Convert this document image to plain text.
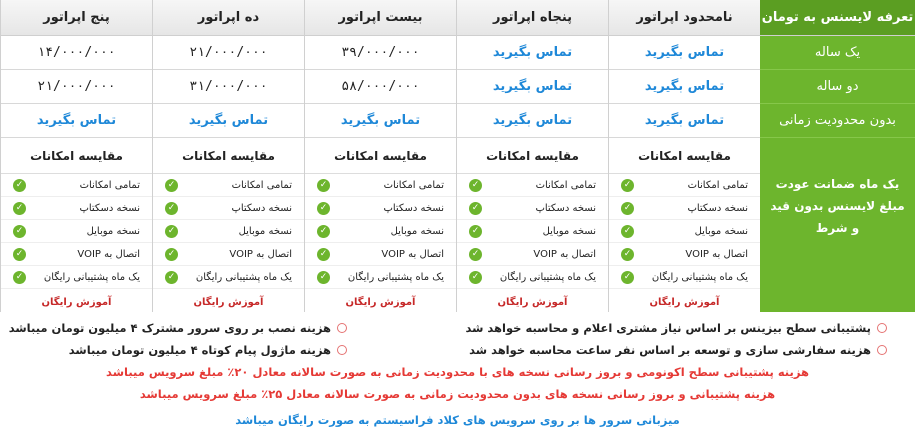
تعرفه لایسنس به تومان
یک ساله
دو ساله
بدون محدودیت زمانی
یک ماه ضمانت عودت مبلغ لایسنس بدون قید و شرط
نامحدود اپراتور
تماس بگیرید
تماس بگیرید
تماس بگیرید
مقایسه امکانات
تمامی امکانات
✓
نسخه دسکتاپ
✓
نسخه موبایل
✓
اتصال به VOIP
✓
یک ماه پشتیبانی رایگان
✓
آموزش رایگان
پنجاه اپراتور
تماس بگیرید
تماس بگیرید
تماس بگیرید
مقایسه امکانات
تمامی امکانات
✓
نسخه دسکتاپ
✓
نسخه موبایل
✓
اتصال به VOIP
✓
یک ماه پشتیبانی رایگان
✓
آموزش رایگان
بیست اپراتور
۳۹/۰۰۰/۰۰۰
۵۸/۰۰۰/۰۰۰
تماس بگیرید
مقایسه امکانات
تمامی امکانات
✓
نسخه دسکتاپ
✓
نسخه موبایل
✓
اتصال به VOIP
✓
یک ماه پشتیبانی رایگان
✓
آموزش رایگان
ده اپراتور
۲۱/۰۰۰/۰۰۰
۳۱/۰۰۰/۰۰۰
تماس بگیرید
مقایسه امکانات
تمامی امکانات
✓
نسخه دسکتاپ
✓
نسخه موبایل
✓
اتصال به VOIP
✓
یک ماه پشتیبانی رایگان
✓
آموزش رایگان
پنج اپراتور
۱۴/۰۰۰/۰۰۰
۲۱/۰۰۰/۰۰۰
تماس بگیرید
مقایسه امکانات
تمامی امکانات
✓
نسخه دسکتاپ
✓
نسخه موبایل
✓
اتصال به VOIP
✓
یک ماه پشتیبانی رایگان
✓
آموزش رایگان
پشتیبانی سطح بیزینس بر اساس نیاز مشتری اعلام و محاسبه خواهد شد
هزینه سفارشی سازی و توسعه بر اساس نفر ساعت محاسبه خواهد شد
هزینه نصب بر روی سرور مشترک ۴ میلیون تومان میباشد
هزینه ماژول پیام کوتاه ۴ میلیون تومان میباشد
هزینه پشتیبانی سطح اکونومی و بروز رسانی نسخه های با محدودیت زمانی به صورت سالانه معادل ۲۰٪ مبلغ سرویس میباشد
هزینه پشتیبانی و بروز رسانی نسخه های بدون محدودیت زمانی به صورت سالانه معادل ۲۵٪ مبلغ سرویس میباشد
میزبانی سرور ها بر روی سرویس های کلاد فراسیستم به صورت رایگان میباشد
